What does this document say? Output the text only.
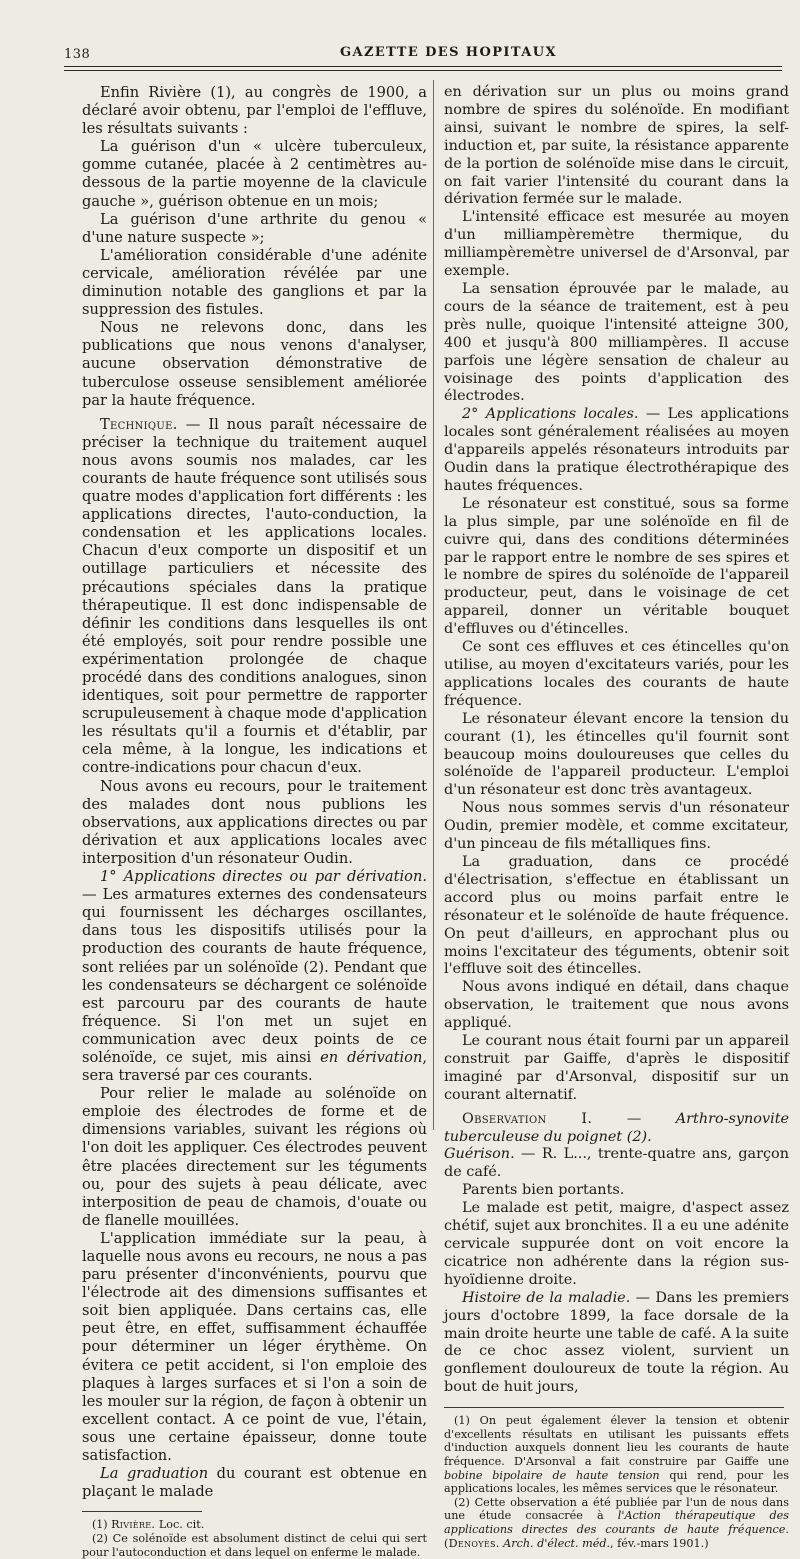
138	GAZETTE DES HOPITAUX

Enfin Rivière (1), au congrès de 1900, a déclaré avoir obtenu, par l'emploi de l'effluve, les résultats suivants :

La guérison d'un « ulcère tuberculeux, gomme cutanée, placée à 2 centimètres au-dessous de la partie moyenne de la clavicule gauche », guérison obtenue en un mois;

La guérison d'une arthrite du genou « d'une nature suspecte »;

L'amélioration considérable d'une adénite cervicale, amélioration révélée par une diminution notable des ganglions et par la suppression des fistules.

Nous ne relevons donc, dans les publications que nous venons d'analyser, aucune observation démonstrative de tuberculose osseuse sensiblement améliorée par la haute fréquence.

Technique. — Il nous paraît nécessaire de préciser la technique du traitement auquel nous avons soumis nos malades, car les courants de haute fréquence sont utilisés sous quatre modes d'application fort différents : les applications directes, l'auto-conduction, la condensation et les applications locales. Chacun d'eux comporte un dispositif et un outillage particuliers et nécessite des précautions spéciales dans la pratique thérapeutique. Il est donc indispensable de définir les conditions dans lesquelles ils ont été employés, soit pour rendre possible une expérimentation prolongée de chaque procédé dans des conditions analogues, sinon identiques, soit pour permettre de rapporter scrupuleusement à chaque mode d'application les résultats qu'il a fournis et d'établir, par cela même, à la longue, les indications et contre-indications pour chacun d'eux.

Nous avons eu recours, pour le traitement des malades dont nous publions les observations, aux applications directes ou par dérivation et aux applications locales avec interposition d'un résonateur Oudin.

1° Applications directes ou par dérivation. — Les armatures externes des condensateurs qui fournissent les décharges oscillantes, dans tous les dispositifs utilisés pour la production des courants de haute fréquence, sont reliées par un solénoïde (2). Pendant que les condensateurs se déchargent ce solénoïde est parcouru par des courants de haute fréquence. Si l'on met un sujet en communication avec deux points de ce solénoïde, ce sujet, mis ainsi en dérivation, sera traversé par ces courants.

Pour relier le malade au solénoïde on emploie des électrodes de forme et de dimensions variables, suivant les régions où l'on doit les appliquer. Ces électrodes peuvent être placées directement sur les téguments ou, pour des sujets à peau délicate, avec interposition de peau de chamois, d'ouate ou de flanelle mouillées.

L'application immédiate sur la peau, à laquelle nous avons eu recours, ne nous a pas paru présenter d'inconvénients, pourvu que l'électrode ait des dimensions suffisantes et soit bien appliquée. Dans certains cas, elle peut être, en effet, suffisamment échauffée pour déterminer un léger érythème. On évitera ce petit accident, si l'on emploie des plaques à larges surfaces et si l'on a soin de les mouler sur la région, de façon à obtenir un excellent contact. A ce point de vue, l'étain, sous une certaine épaisseur, donne toute satisfaction.

La graduation du courant est obtenue en plaçant le malade

(1) Rivière. Loc. cit.

(2) Ce solénoïde est absolument distinct de celui qui sert pour l'autoconduction et dans lequel on enferme le malade.

en dérivation sur un plus ou moins grand nombre de spires du solénoïde. En modifiant ainsi, suivant le nombre de spires, la self-induction et, par suite, la résistance apparente de la portion de solénoïde mise dans le circuit, on fait varier l'intensité du courant dans la dérivation fermée sur le malade.

L'intensité efficace est mesurée au moyen d'un milliampèremètre thermique, du milliampèremètre universel de d'Arsonval, par exemple.

La sensation éprouvée par le malade, au cours de la séance de traitement, est à peu près nulle, quoique l'intensité atteigne 300, 400 et jusqu'à 800 milliampères. Il accuse parfois une légère sensation de chaleur au voisinage des points d'application des électrodes.

2° Applications locales. — Les applications locales sont généralement réalisées au moyen d'appareils appelés résonateurs introduits par Oudin dans la pratique électrothérapique des hautes fréquences.

Le résonateur est constitué, sous sa forme la plus simple, par une solénoïde en fil de cuivre qui, dans des conditions déterminées par le rapport entre le nombre de ses spires et le nombre de spires du solénoïde de l'appareil producteur, peut, dans le voisinage de cet appareil, donner un véritable bouquet d'effluves ou d'étincelles.

Ce sont ces effluves et ces étincelles qu'on utilise, au moyen d'excitateurs variés, pour les applications locales des courants de haute fréquence.

Le résonateur élevant encore la tension du courant (1), les étincelles qu'il fournit sont beaucoup moins douloureuses que celles du solénoïde de l'appareil producteur. L'emploi d'un résonateur est donc très avantageux.

Nous nous sommes servis d'un résonateur Oudin, premier modèle, et comme excitateur, d'un pinceau de fils métalliques fins.

La graduation, dans ce procédé d'électrisation, s'effectue en établissant un accord plus ou moins parfait entre le résonateur et le solénoïde de haute fréquence. On peut d'ailleurs, en approchant plus ou moins l'excitateur des téguments, obtenir soit l'effluve soit des étincelles.

Nous avons indiqué en détail, dans chaque observation, le traitement que nous avons appliqué.

Le courant nous était fourni par un appareil construit par Gaiffe, d'après le dispositif imaginé par d'Arsonval, dispositif sur un courant alternatif.

Observation I. — Arthro-synovite tuberculeuse du poignet (2).

Guérison. — R. L..., trente-quatre ans, garçon de café.

Parents bien portants.

Le malade est petit, maigre, d'aspect assez chétif, sujet aux bronchites. Il a eu une adénite cervicale suppurée dont on voit encore la cicatrice non adhérente dans la région sus-hyoïdienne droite.

Histoire de la maladie. — Dans les premiers jours d'octobre 1899, la face dorsale de la main droite heurte une table de café. A la suite de ce choc assez violent, survient un gonflement douloureux de toute la région. Au bout de huit jours,

(1) On peut également élever la tension et obtenir d'excellents résultats en utilisant les puissants effets d'induction auxquels donnent lieu les courants de haute fréquence. D'Arsonval a fait construire par Gaiffe une bobine bipolaire de haute tension qui rend, pour les applications locales, les mêmes services que le résonateur.

(2) Cette observation a été publiée par l'un de nous dans une étude consacrée à l'Action thérapeutique des applications directes des courants de haute fréquence. (Denoyès. Arch. d'élect. méd., fév.-mars 1901.)
